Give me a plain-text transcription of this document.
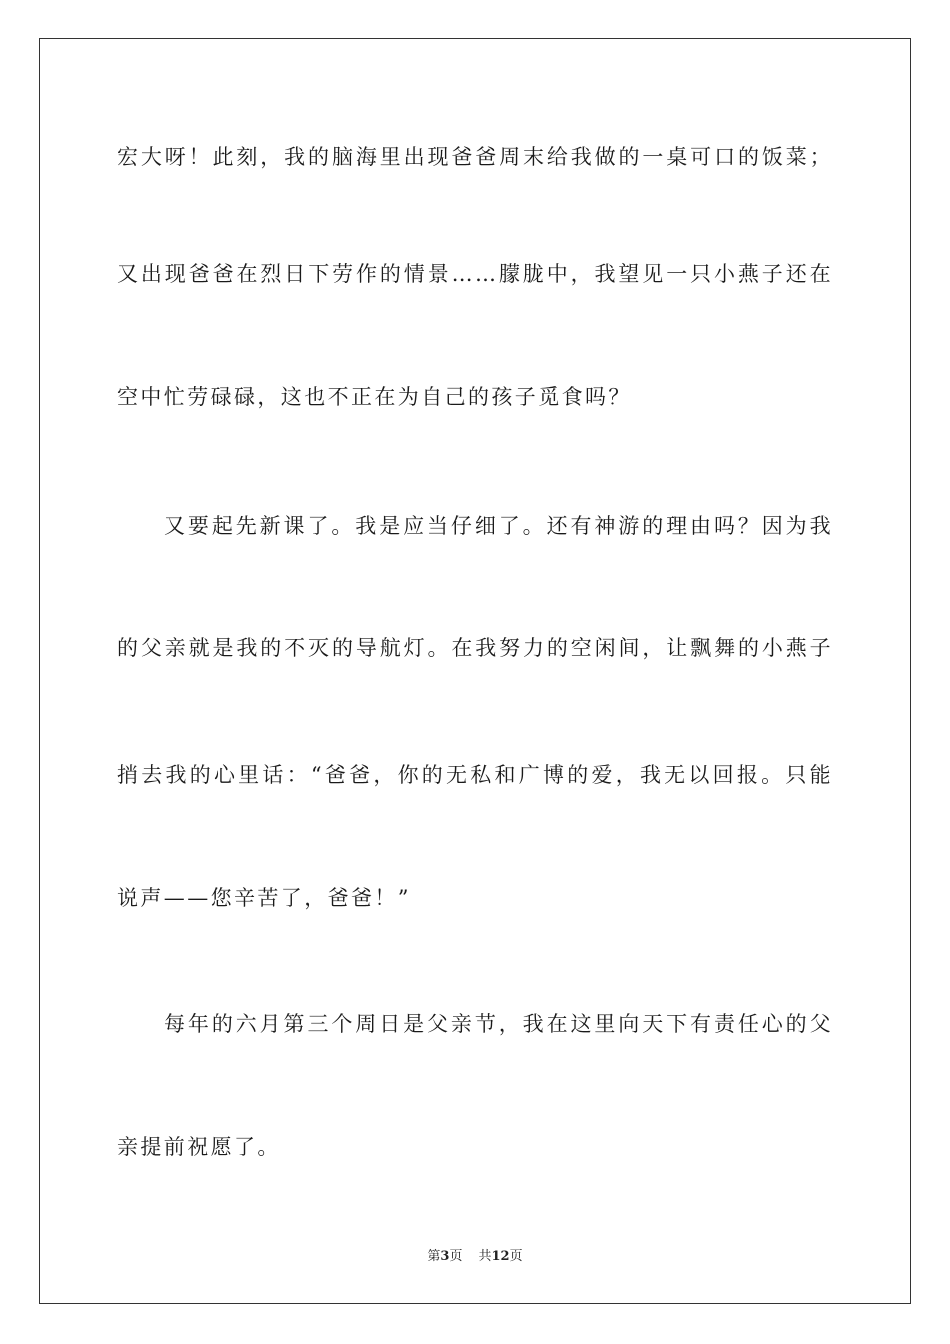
宏大呀！此刻，我的脑海里出现爸爸周末给我做的一桌可口的饭菜；
又出现爸爸在烈日下劳作的情景……朦胧中，我望见一只小燕子还在
空中忙劳碌碌，这也不正在为自己的孩子觅食吗？
又要起先新课了。我是应当仔细了。还有神游的理由吗？因为我
的父亲就是我的不灭的导航灯。在我努力的空闲间，让飘舞的小燕子
捎去我的心里话：“爸爸，你的无私和广博的爱，我无以回报。只能
说声——您辛苦了，爸爸！”
每年的六月第三个周日是父亲节，我在这里向天下有责任心的父
亲提前祝愿了。
第3页 共12页
